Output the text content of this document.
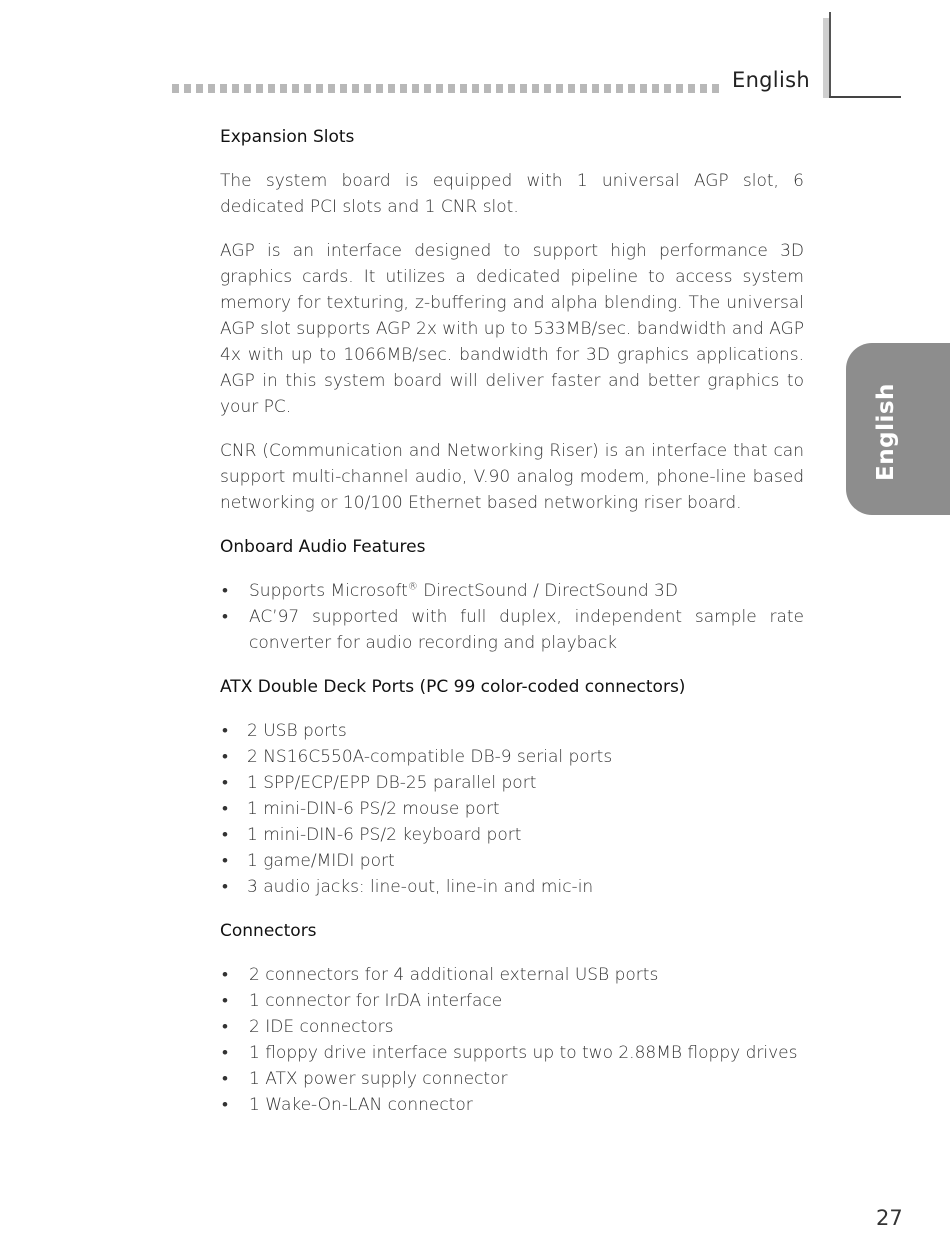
English
English
Expansion Slots

The system board is equipped with 1 universal AGP slot, 6 dedicated PCI slots and 1 CNR slot.

AGP is an interface designed to support high performance 3D graphics cards. It utilizes a dedicated pipeline to access system memory for texturing, z-buffering and alpha blending. The universal AGP slot supports AGP 2x with up to 533MB/sec. bandwidth and AGP 4x with up to 1066MB/sec. bandwidth for 3D graphics applications. AGP in this system board will deliver faster and better graphics to your PC.

CNR (Communication and Networking Riser) is an interface that can support multi-channel audio, V.90 analog modem, phone-line based networking or 10/100 Ethernet based networking riser board.

Onboard Audio Features
• Supports Microsoft® DirectSound / DirectSound 3D
• AC’97 supported with full duplex, independent sample rate converter for audio recording and playback
ATX Double Deck Ports (PC 99 color-coded connectors)
• 2 USB ports
• 2 NS16C550A-compatible DB-9 serial ports
• 1 SPP/ECP/EPP DB-25 parallel port
• 1 mini-DIN-6 PS/2 mouse port
• 1 mini-DIN-6 PS/2 keyboard port
• 1 game/MIDI port
• 3 audio jacks: line-out, line-in and mic-in
Connectors
• 2 connectors for 4 additional external USB ports
• 1 connector for IrDA interface
• 2 IDE connectors
• 1 floppy drive interface supports up to two 2.88MB floppy drives
• 1 ATX power supply connector
• 1 Wake-On-LAN connector
27
